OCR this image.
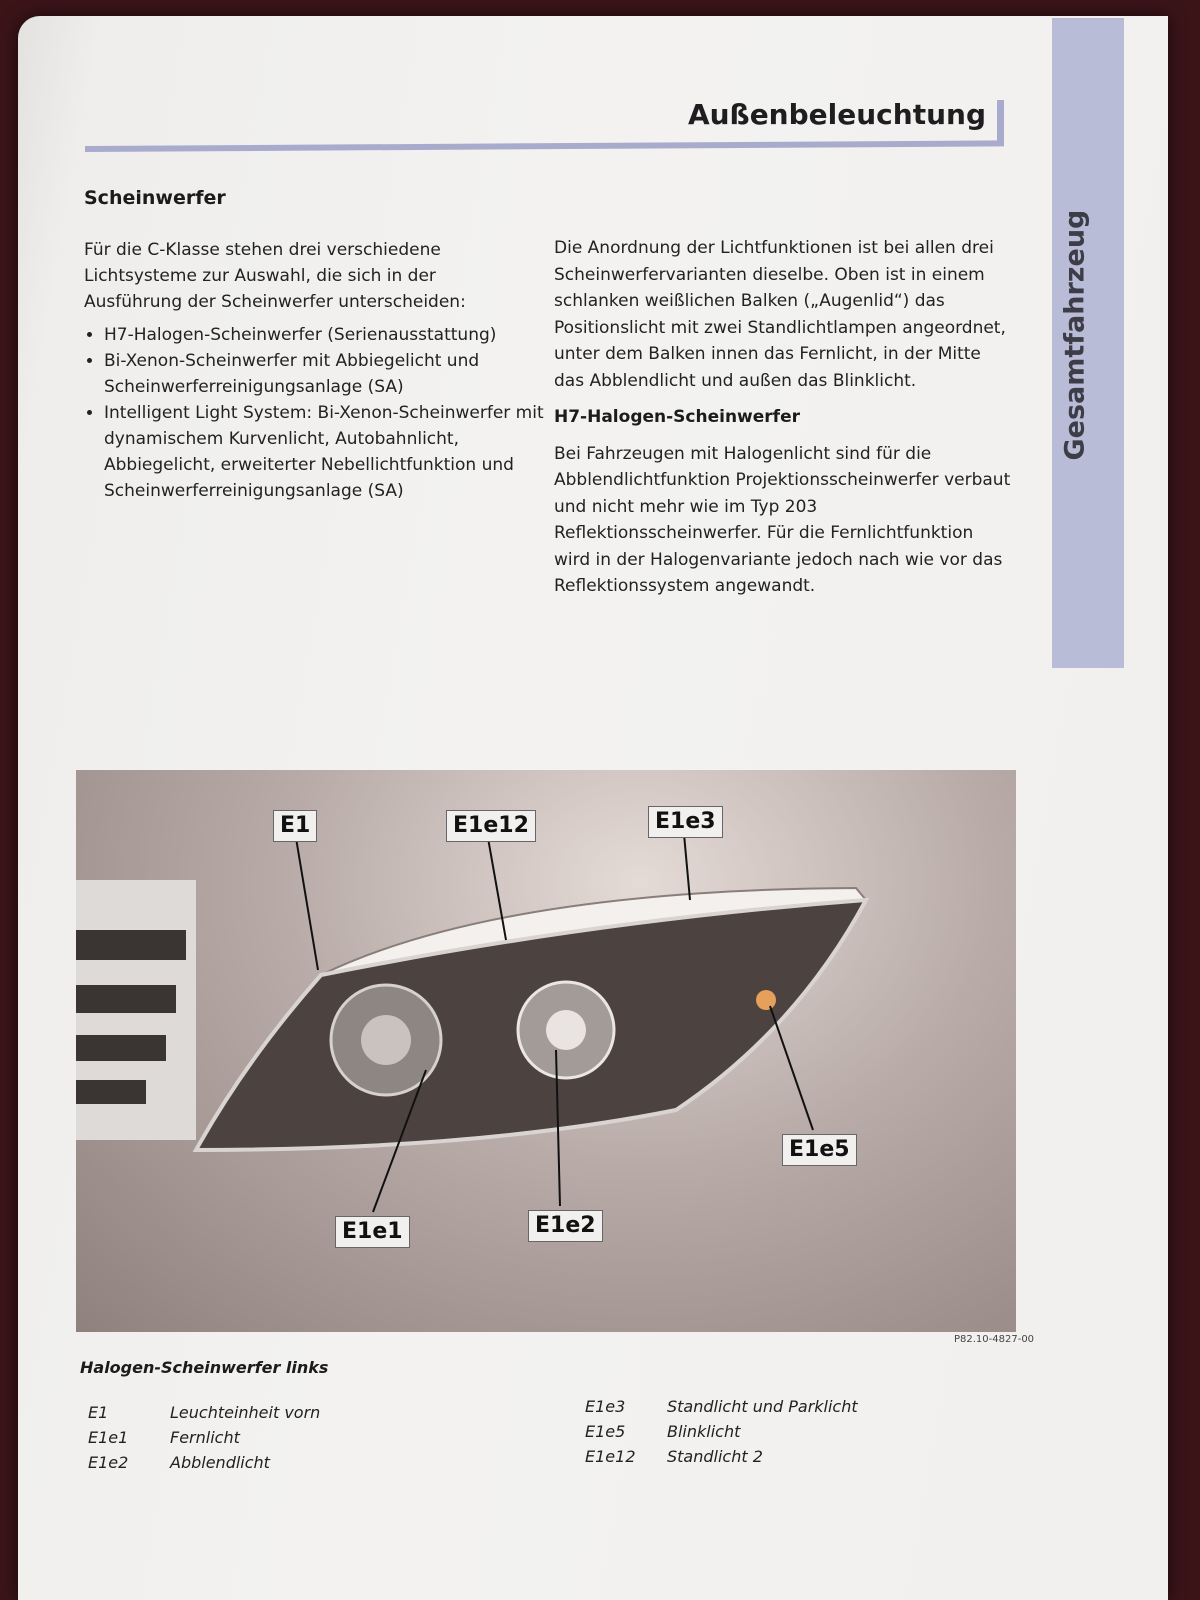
Gesamtfahrzeug
Außenbeleuchtung
Scheinwerfer
Für die C-Klasse stehen drei verschiedene Lichtsysteme zur Auswahl, die sich in der Ausführung der Scheinwerfer unterscheiden:
• H7-Halogen-Scheinwerfer (Serienausstattung)
• Bi-Xenon-Scheinwerfer mit Abbiegelicht und Scheinwerferreinigungsanlage (SA)
• Intelligent Light System: Bi-Xenon-Scheinwerfer mit dynamischem Kurvenlicht, Autobahnlicht, Abbiegelicht, erweiterter Nebellichtfunktion und Scheinwerferreinigungsanlage (SA)

Die Anordnung der Lichtfunktionen ist bei allen drei Scheinwerfervarianten dieselbe. Oben ist in einem schlanken weißlichen Balken („Augenlid“) das Positionslicht mit zwei Standlichtlampen angeordnet, unter dem Balken innen das Fernlicht, in der Mitte das Abblendlicht und außen das Blinklicht.

H7-Halogen-Scheinwerfer

Bei Fahrzeugen mit Halogenlicht sind für die Abblendlichtfunktion Projektionsscheinwerfer verbaut und nicht mehr wie im Typ 203 Reflektionsscheinwerfer. Für die Fernlichtfunktion wird in der Halogenvariante jedoch nach wie vor das Reflektionssystem angewandt.

E1	E1e12	E1e3
E1e5
E1e1	E1e2
P82.10-4827-00
Halogen-Scheinwerfer links
E1	Leuchteinheit vorn
E1e1	Fernlicht
E1e2	Abblendlicht
E1e3	Standlicht und Parklicht
E1e5	Blinklicht
E1e12	Standlicht 2
